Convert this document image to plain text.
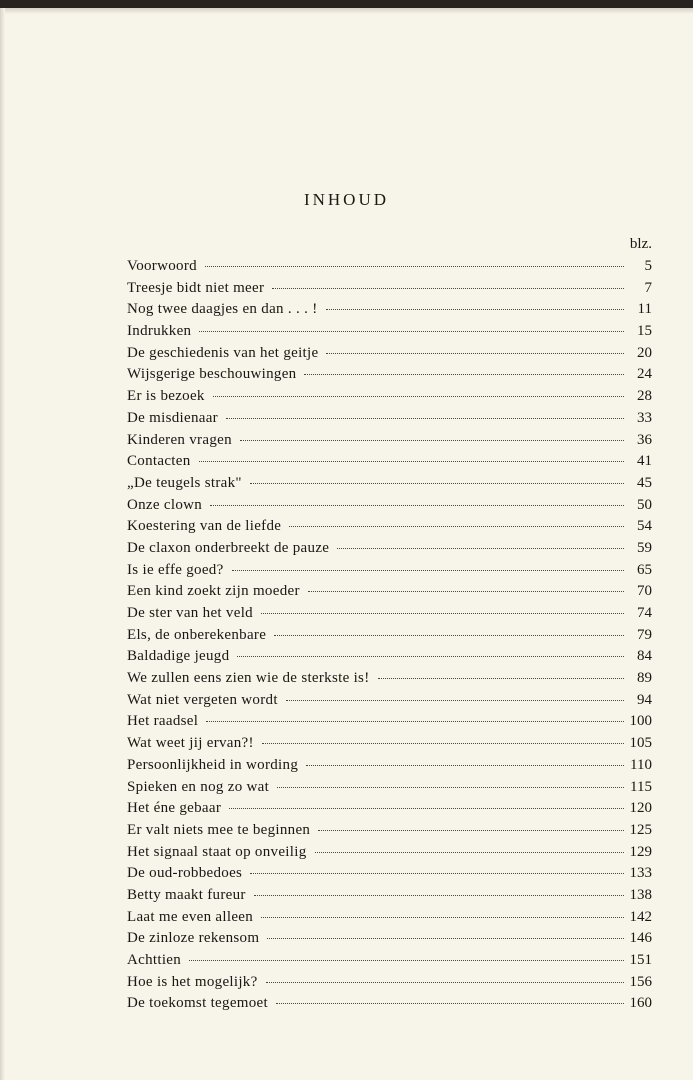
INHOUD
blz.
Voorwoord	5
Treesje bidt niet meer	7
Nog twee daagjes en dan . . . !	11
Indrukken	15
De geschiedenis van het geitje	20
Wijsgerige beschouwingen	24
Er is bezoek	28
De misdienaar	33
Kinderen vragen	36
Contacten	41
„De teugels strak"	45
Onze clown	50
Koestering van de liefde	54
De claxon onderbreekt de pauze	59
Is ie effe goed?	65
Een kind zoekt zijn moeder	70
De ster van het veld	74
Els, de onberekenbare	79
Baldadige jeugd	84
We zullen eens zien wie de sterkste is!	89
Wat niet vergeten wordt	94
Het raadsel	100
Wat weet jij ervan?!	105
Persoonlijkheid in wording	110
Spieken en nog zo wat	115
Het éne gebaar	120
Er valt niets mee te beginnen	125
Het signaal staat op onveilig	129
De oud-robbedoes	133
Betty maakt fureur	138
Laat me even alleen	142
De zinloze rekensom	146
Achttien	151
Hoe is het mogelijk?	156
De toekomst tegemoet	160
